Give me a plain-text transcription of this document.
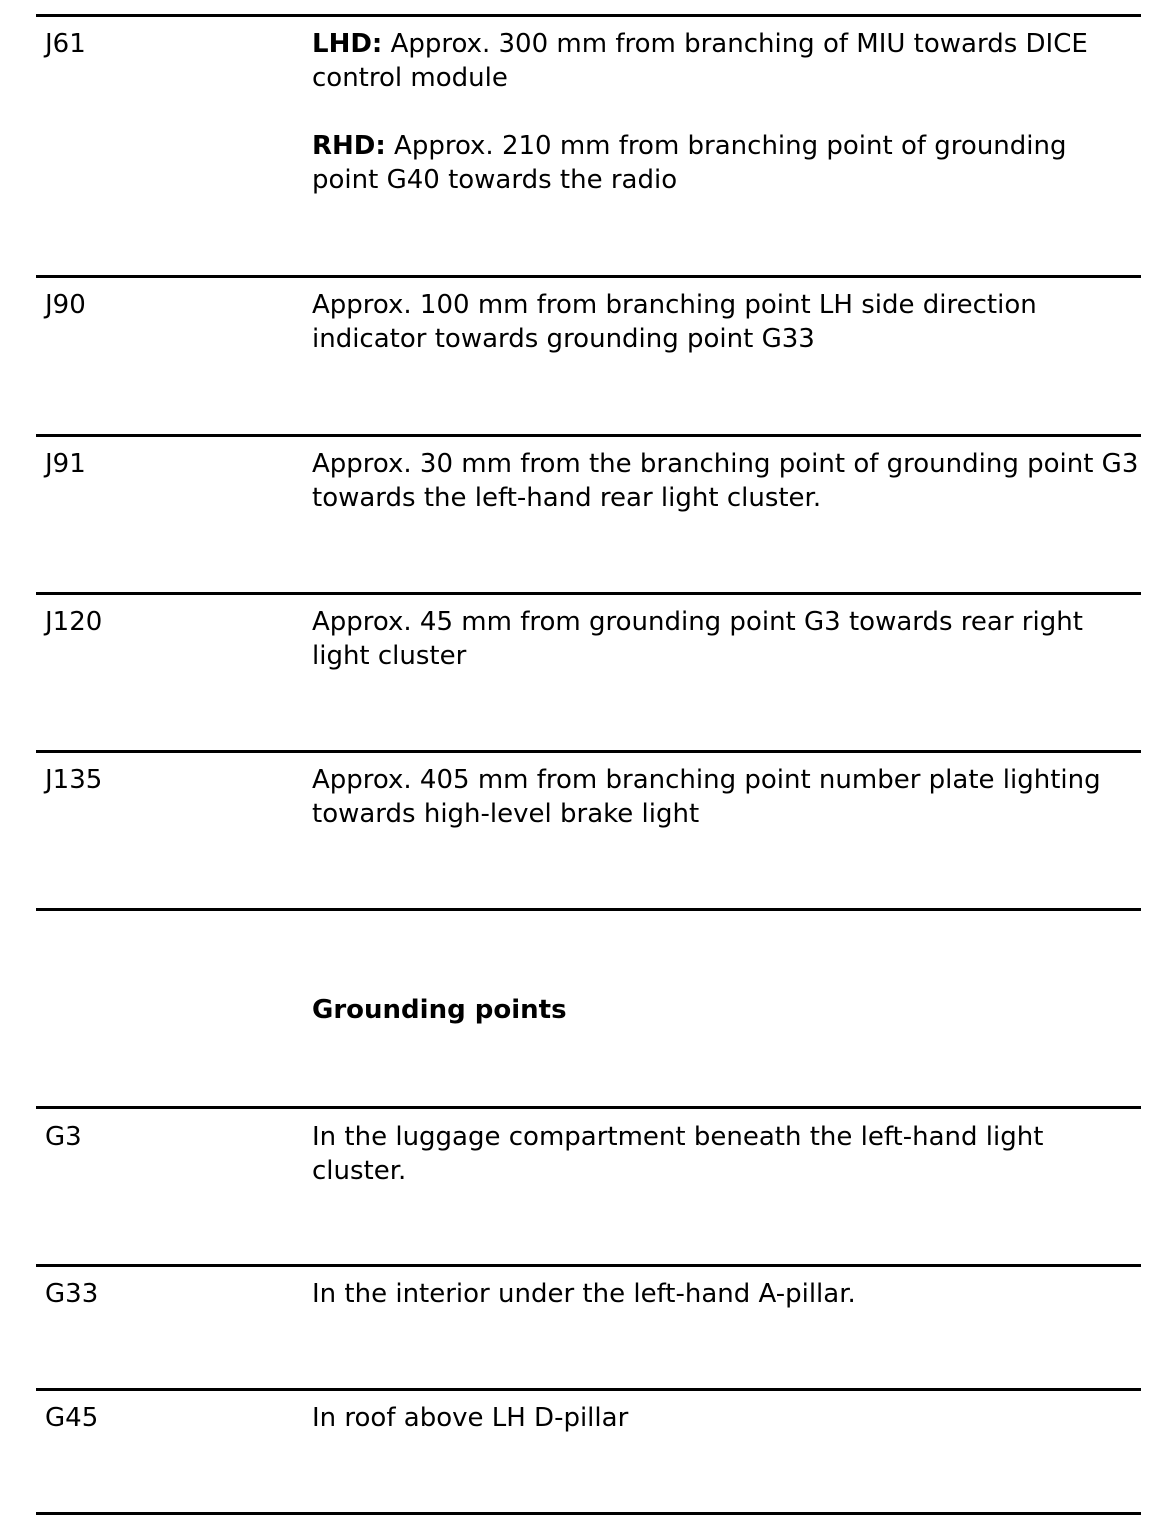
J61	LHD: Approx. 300 mm from branching of MIU towards DICE control module

RHD: Approx. 210 mm from branching point of grounding point G40 towards the radio

J90	Approx. 100 mm from branching point LH side direction indicator towards grounding point G33
J91	Approx. 30 mm from the branching point of grounding point G3 towards the left-hand rear light cluster.
J120	Approx. 45 mm from grounding point G3 towards rear right light cluster
J135	Approx. 405 mm from branching point number plate lighting towards high-level brake light
Grounding points
G3	In the luggage compartment beneath the left-hand light cluster.
G33	In the interior under the left-hand A-pillar.
G45	In roof above LH D-pillar
